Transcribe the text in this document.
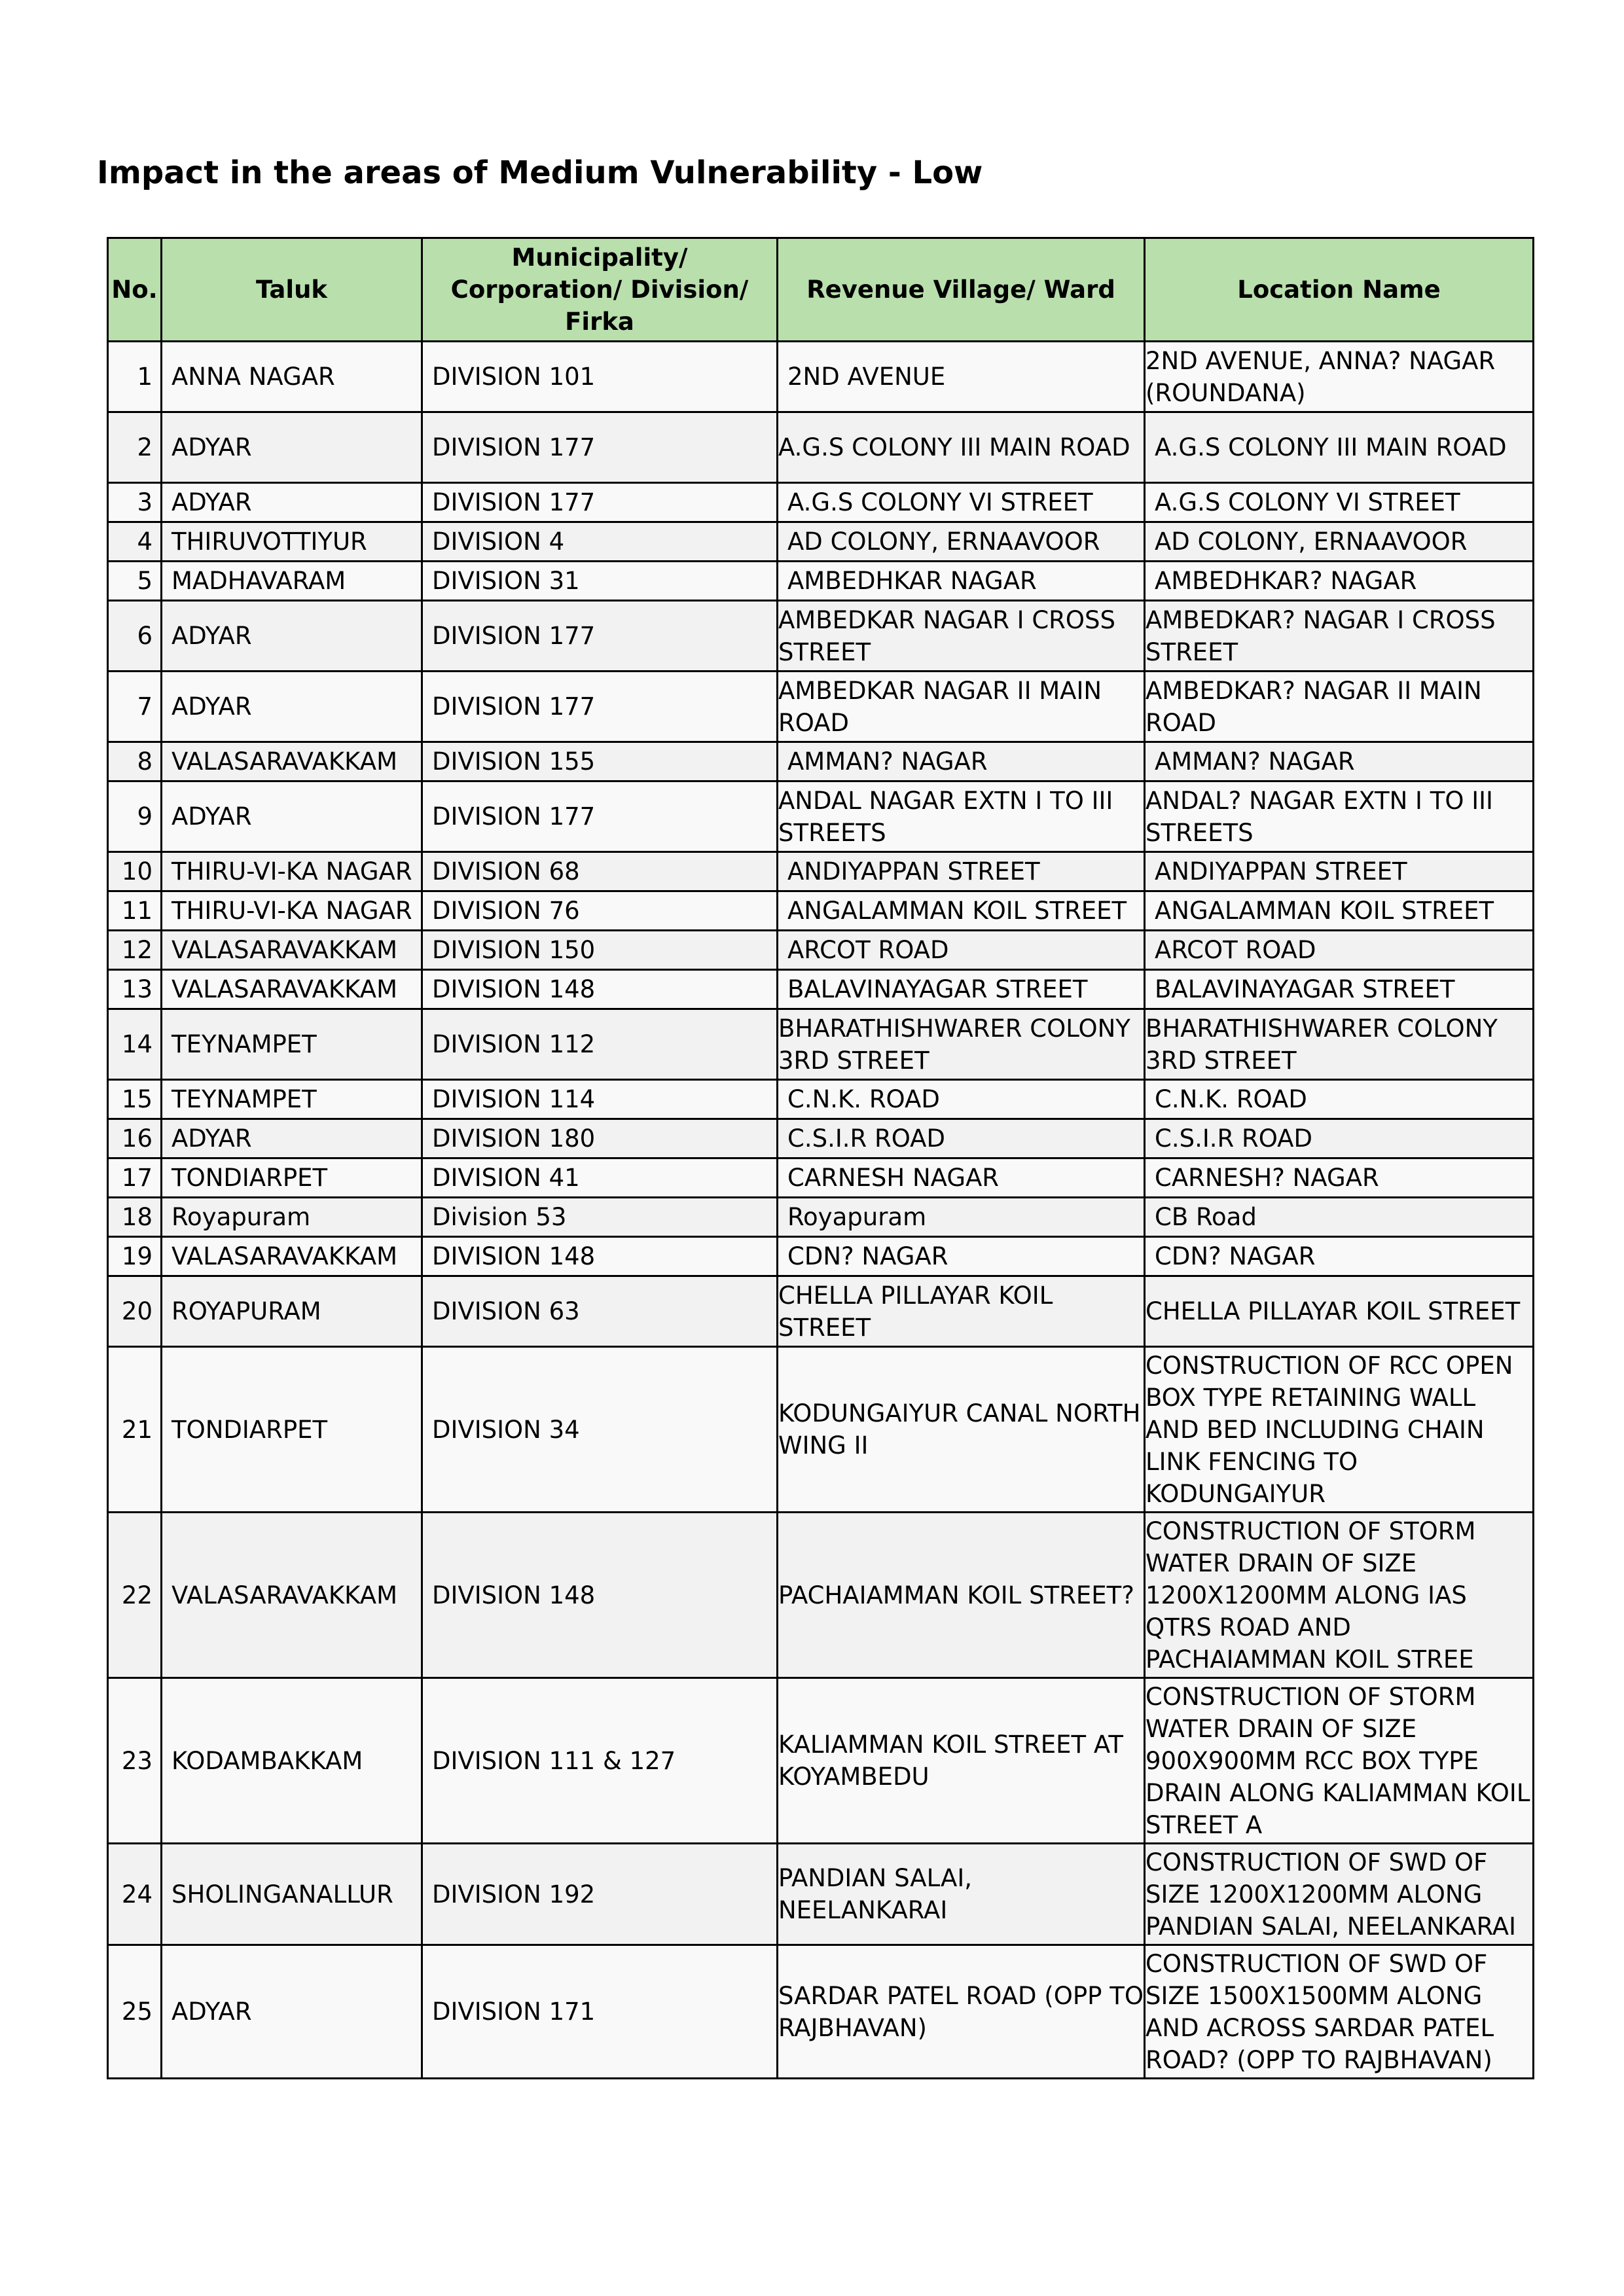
Impact in the areas of Medium Vulnerability - Low
No.	Taluk	Municipality/ Corporation/ Division/ Firka	Revenue Village/ Ward	Location Name
1	ANNA NAGAR	DIVISION 101	2ND AVENUE	2ND AVENUE, ANNA? NAGAR (ROUNDANA)
2	ADYAR	DIVISION 177	A.G.S COLONY III MAIN ROAD	A.G.S COLONY III MAIN ROAD
3	ADYAR	DIVISION 177	A.G.S COLONY VI STREET	A.G.S COLONY VI STREET
4	THIRUVOTTIYUR	DIVISION 4	AD COLONY, ERNAAVOOR	AD COLONY, ERNAAVOOR
5	MADHAVARAM	DIVISION 31	AMBEDHKAR NAGAR	AMBEDHKAR? NAGAR
6	ADYAR	DIVISION 177	AMBEDKAR NAGAR I CROSS STREET	AMBEDKAR? NAGAR I CROSS STREET
7	ADYAR	DIVISION 177	AMBEDKAR NAGAR II MAIN ROAD	AMBEDKAR? NAGAR II MAIN ROAD
8	VALASARAVAKKAM	DIVISION 155	AMMAN? NAGAR	AMMAN? NAGAR
9	ADYAR	DIVISION 177	ANDAL NAGAR EXTN I TO III STREETS	ANDAL? NAGAR EXTN I TO III STREETS
10	THIRU-VI-KA NAGAR	DIVISION 68	ANDIYAPPAN STREET	ANDIYAPPAN STREET
11	THIRU-VI-KA NAGAR	DIVISION 76	ANGALAMMAN KOIL STREET	ANGALAMMAN KOIL STREET
12	VALASARAVAKKAM	DIVISION 150	ARCOT ROAD	ARCOT ROAD
13	VALASARAVAKKAM	DIVISION 148	BALAVINAYAGAR STREET	BALAVINAYAGAR STREET
14	TEYNAMPET	DIVISION 112	BHARATHISHWARER COLONY 3RD STREET	BHARATHISHWARER COLONY 3RD STREET
15	TEYNAMPET	DIVISION 114	C.N.K. ROAD	C.N.K. ROAD
16	ADYAR	DIVISION 180	C.S.I.R ROAD	C.S.I.R ROAD
17	TONDIARPET	DIVISION 41	CARNESH NAGAR	CARNESH? NAGAR
18	Royapuram	Division 53	Royapuram	CB Road
19	VALASARAVAKKAM	DIVISION 148	CDN? NAGAR	CDN? NAGAR
20	ROYAPURAM	DIVISION 63	CHELLA PILLAYAR KOIL STREET	CHELLA PILLAYAR KOIL STREET
21	TONDIARPET	DIVISION 34	KODUNGAIYUR CANAL NORTH WING II	CONSTRUCTION OF RCC OPEN BOX TYPE RETAINING WALL AND BED INCLUDING CHAIN LINK FENCING TO KODUNGAIYUR
22	VALASARAVAKKAM	DIVISION 148	PACHAIAMMAN KOIL STREET?	CONSTRUCTION OF STORM WATER DRAIN OF SIZE 1200X1200MM ALONG IAS QTRS ROAD AND PACHAIAMMAN KOIL STREE
23	KODAMBAKKAM	DIVISION 111 & 127	KALIAMMAN KOIL STREET AT KOYAMBEDU	CONSTRUCTION OF STORM WATER DRAIN OF SIZE 900X900MM RCC BOX TYPE DRAIN ALONG KALIAMMAN KOIL STREET A
24	SHOLINGANALLUR	DIVISION 192	PANDIAN SALAI, NEELANKARAI	CONSTRUCTION OF SWD OF SIZE 1200X1200MM ALONG PANDIAN SALAI, NEELANKARAI
25	ADYAR	DIVISION 171	SARDAR PATEL ROAD (OPP TO RAJBHAVAN)	CONSTRUCTION OF SWD OF SIZE 1500X1500MM ALONG AND ACROSS SARDAR PATEL ROAD? (OPP TO RAJBHAVAN)
